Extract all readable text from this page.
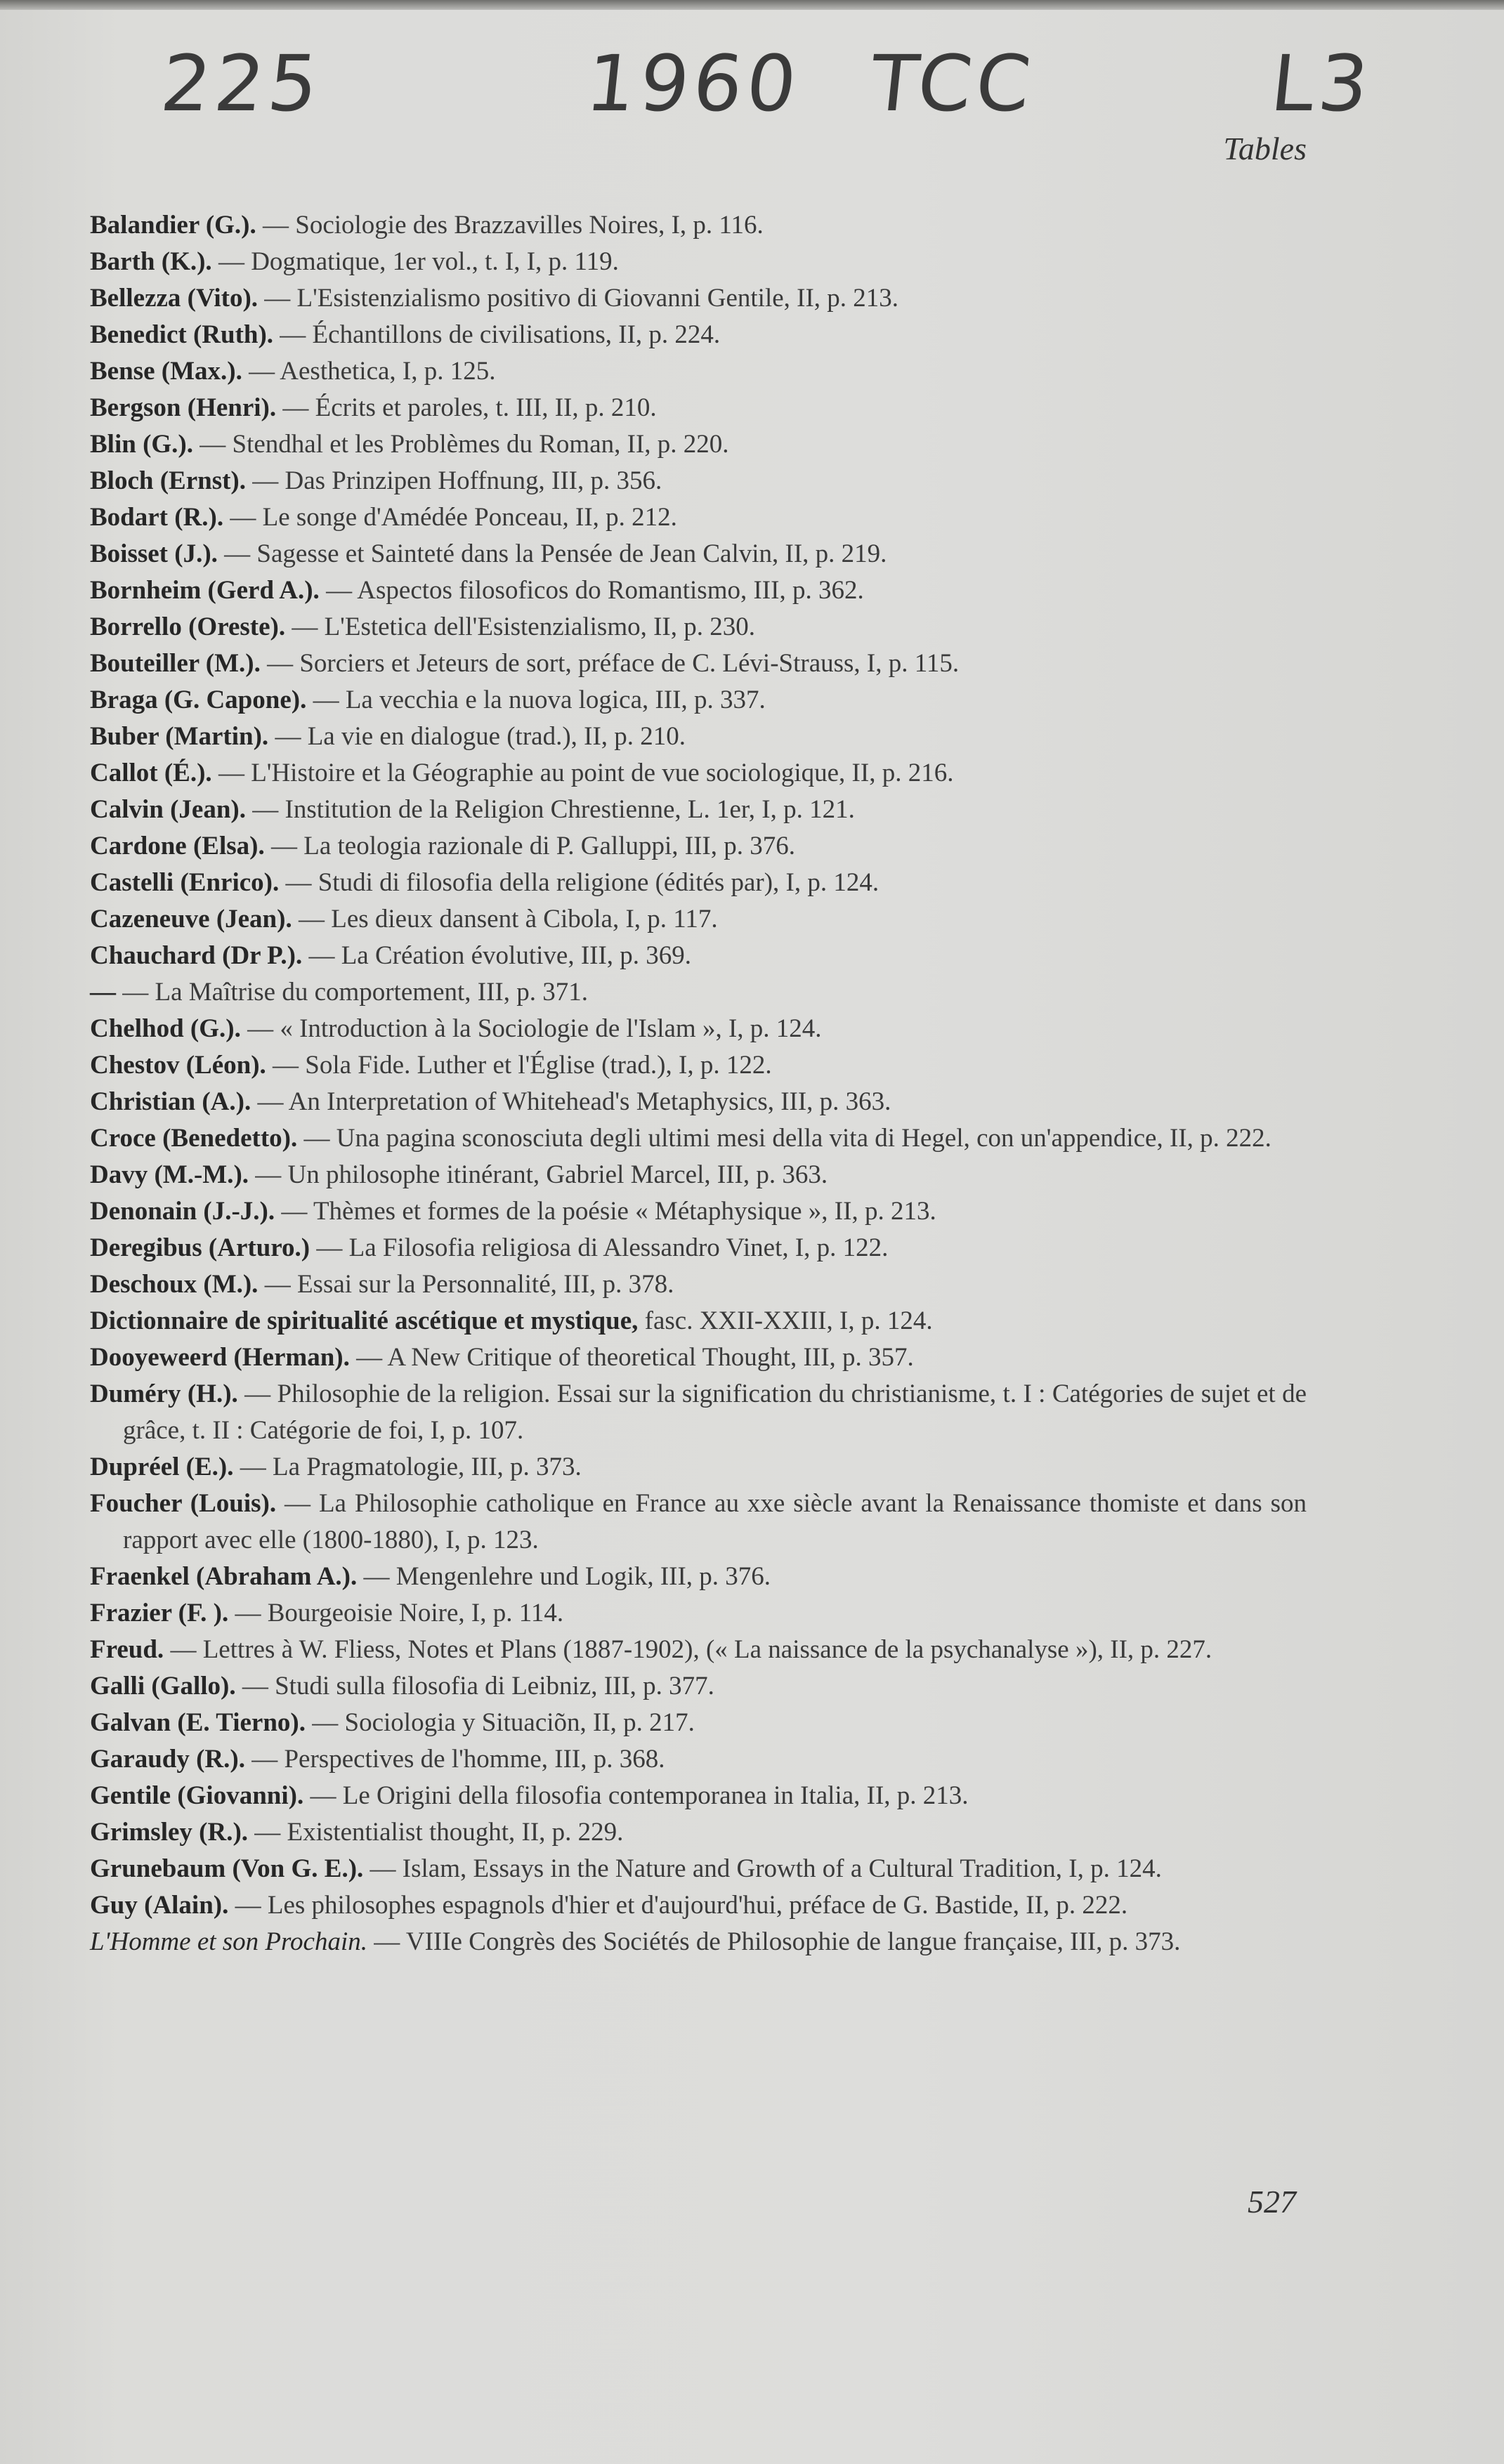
225	1960 TCC	L3
Tables
Balandier (G.). — Sociologie des Brazzavilles Noires, I, p. 116.
Barth (K.). — Dogmatique, 1er vol., t. I, I, p. 119.
Bellezza (Vito). — L'Esistenzialismo positivo di Giovanni Gentile, II, p. 213.
Benedict (Ruth). — Échantillons de civilisations, II, p. 224.
Bense (Max.). — Aesthetica, I, p. 125.
Bergson (Henri). — Écrits et paroles, t. III, II, p. 210.
Blin (G.). — Stendhal et les Problèmes du Roman, II, p. 220.
Bloch (Ernst). — Das Prinzipen Hoffnung, III, p. 356.
Bodart (R.). — Le songe d'Amédée Ponceau, II, p. 212.
Boisset (J.). — Sagesse et Sainteté dans la Pensée de Jean Calvin, II, p. 219.
Bornheim (Gerd A.). — Aspectos filosoficos do Romantismo, III, p. 362.
Borrello (Oreste). — L'Estetica dell'Esistenzialismo, II, p. 230.
Bouteiller (M.). — Sorciers et Jeteurs de sort, préface de C. Lévi-Strauss, I, p. 115.
Braga (G. Capone). — La vecchia e la nuova logica, III, p. 337.
Buber (Martin). — La vie en dialogue (trad.), II, p. 210.
Callot (É.). — L'Histoire et la Géographie au point de vue sociologique, II, p. 216.
Calvin (Jean). — Institution de la Religion Chrestienne, L. 1er, I, p. 121.
Cardone (Elsa). — La teologia razionale di P. Galluppi, III, p. 376.
Castelli (Enrico). — Studi di filosofia della religione (édités par), I, p. 124.
Cazeneuve (Jean). — Les dieux dansent à Cibola, I, p. 117.
Chauchard (Dr P.). — La Création évolutive, III, p. 369.
— — La Maîtrise du comportement, III, p. 371.
Chelhod (G.). — « Introduction à la Sociologie de l'Islam », I, p. 124.
Chestov (Léon). — Sola Fide. Luther et l'Église (trad.), I, p. 122.
Christian (A.). — An Interpretation of Whitehead's Metaphysics, III, p. 363.
Croce (Benedetto). — Una pagina sconosciuta degli ultimi mesi della vita di Hegel, con un'appendice, II, p. 222.
Davy (M.-M.). — Un philosophe itinérant, Gabriel Marcel, III, p. 363.
Denonain (J.-J.). — Thèmes et formes de la poésie « Métaphysique », II, p. 213.
Deregibus (Arturo.) — La Filosofia religiosa di Alessandro Vinet, I, p. 122.
Deschoux (M.). — Essai sur la Personnalité, III, p. 378.
Dictionnaire de spiritualité ascétique et mystique, fasc. XXII-XXIII, I, p. 124.
Dooyeweerd (Herman). — A New Critique of theoretical Thought, III, p. 357.
Duméry (H.). — Philosophie de la religion. Essai sur la signification du christianisme, t. I : Catégories de sujet et de grâce, t. II : Catégorie de foi, I, p. 107.
Dupréel (E.). — La Pragmatologie, III, p. 373.
Foucher (Louis). — La Philosophie catholique en France au xxe siècle avant la Renaissance thomiste et dans son rapport avec elle (1800-1880), I, p. 123.
Fraenkel (Abraham A.). — Mengenlehre und Logik, III, p. 376.
Frazier (F. ). — Bourgeoisie Noire, I, p. 114.
Freud. — Lettres à W. Fliess, Notes et Plans (1887-1902), (« La naissance de la psychanalyse »), II, p. 227.
Galli (Gallo). — Studi sulla filosofia di Leibniz, III, p. 377.
Galvan (E. Tierno). — Sociologia y Situaciõn, II, p. 217.
Garaudy (R.). — Perspectives de l'homme, III, p. 368.
Gentile (Giovanni). — Le Origini della filosofia contemporanea in Italia, II, p. 213.
Grimsley (R.). — Existentialist thought, II, p. 229.
Grunebaum (Von G. E.). — Islam, Essays in the Nature and Growth of a Cultural Tradition, I, p. 124.
Guy (Alain). — Les philosophes espagnols d'hier et d'aujourd'hui, préface de G. Bastide, II, p. 222.
L'Homme et son Prochain. — VIIIe Congrès des Sociétés de Philosophie de langue française, III, p. 373.
527
